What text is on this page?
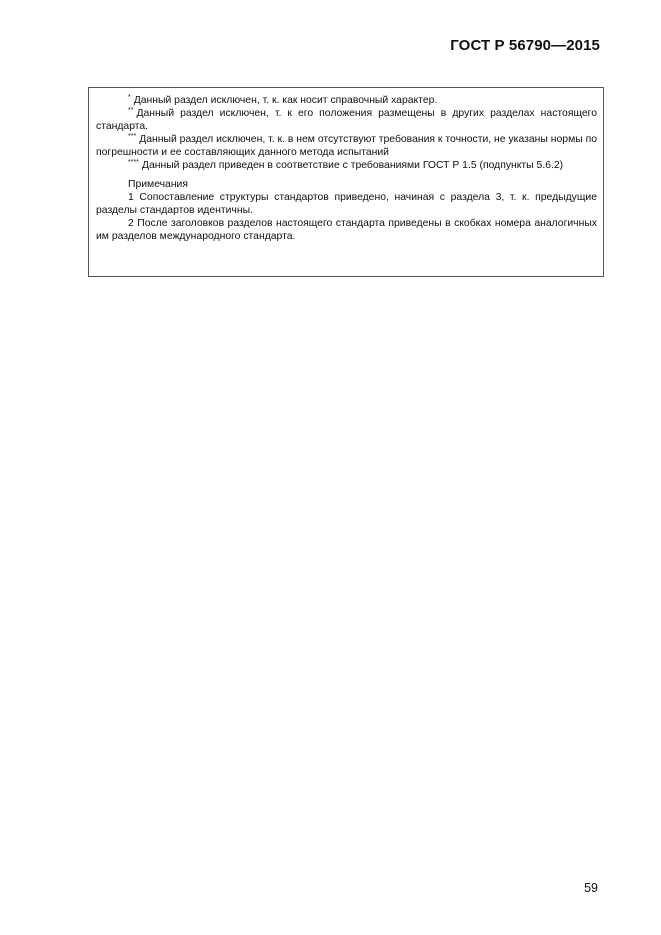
ГОСТ Р 56790—2015

* Данный раздел исключен, т. к. как носит справочный характер.

** Данный раздел исключен, т. к его положения размещены в других разделах настоящего стандарта.

*** Данный раздел исключен, т. к. в нем отсутствуют требования к точности, не указаны нормы по погрешности и ее составляющих данного метода испытаний

**** Данный раздел приведен в соответствие с требованиями ГОСТ Р 1.5 (подпункты 5.6.2)

Примечания

1 Сопоставление структуры стандартов приведено, начиная с раздела 3, т. к. предыдущие разделы стандартов идентичны.

2 После заголовков разделов настоящего стандарта приведены в скобках номера аналогичных им разделов международного стандарта.

59
